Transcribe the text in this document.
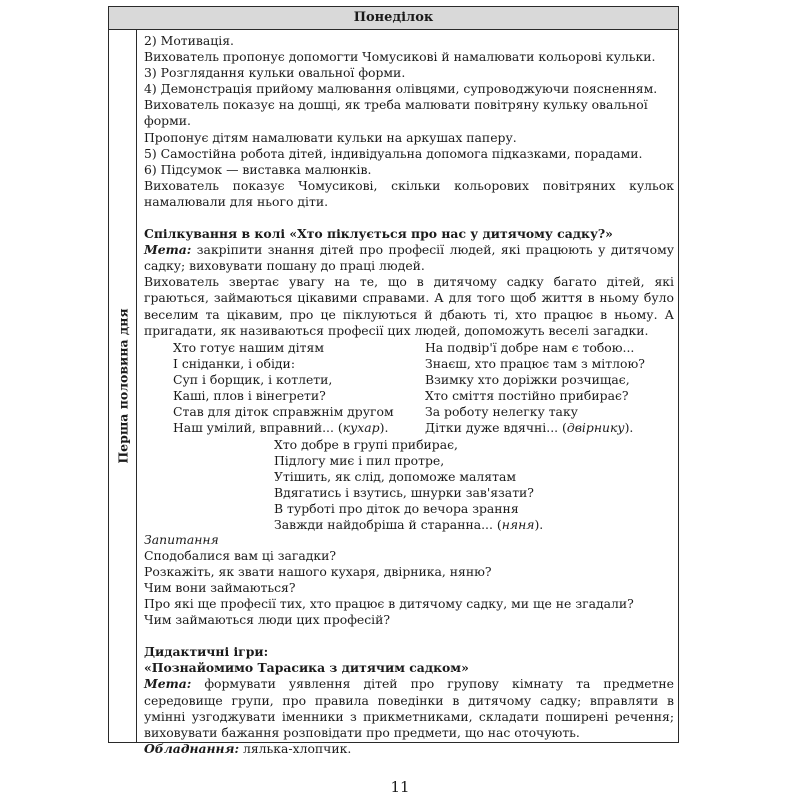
Понеділок
Перша половина дня

2) Мотивація.

Вихователь пропонує допомогти Чомусикові й намалювати кольорові кульки.

3) Розглядання кульки овальної форми.

4) Демонстрація прийому малювання олівцями, супроводжуючи поясненням.

Вихователь показує на дошці, як треба малювати повітряну кульку овальної форми.

Пропонує дітям намалювати кульки на аркушах паперу.

5) Самостійна робота дітей, індивідуальна допомога підказками, порадами.

6) Підсумок — виставка малюнків.

Вихователь показує Чомусикові, скільки кольорових повітряних кульок намалювали для нього діти.

Спілкування в колі «Хто піклується про нас у дитячому садку?»

Мета: закріпити знання дітей про професії людей, які працюють у дитячому садку; виховувати пошану до праці людей.

Вихователь звертає увагу на те, що в дитячому садку багато дітей, які граються, займаються цікавими справами. А для того щоб життя в ньому було веселим та цікавим, про це піклуються й дбають ті, хто працює в ньому. А пригадати, як називаються професії цих людей, допоможуть веселі загадки.

Хто готує нашим дітям

І сніданки, і обіди:

Суп і борщик, і котлети,

Каші, плов і вінегрети?

Став для діток справжнім другом

Наш умілий, вправний... (кухар).

На подвір'ї добре нам є тобою...

Знаєш, хто працює там з мітлою?

Взимку хто доріжки розчищає,

Хто сміття постійно прибирає?

За роботу нелегку таку

Дітки дуже вдячні... (двірнику).

Хто добре в групі прибирає,

Підлогу миє і пил протре,

Утішить, як слід, допоможе малятам

Вдягатись і взутись, шнурки зав'язати?

В турботі про діток до вечора зрання

Завжди найдобріша й старанна... (няня).

Запитання

Сподобалися вам ці загадки?

Розкажіть, як звати нашого кухаря, двірника, няню?

Чим вони займаються?

Про які ще професії тих, хто працює в дитячому садку, ми ще не згадали?

Чим займаються люди цих професій?

Дидактичні ігри:

«Познайомимо Тарасика з дитячим садком»

Мета: формувати уявлення дітей про групову кімнату та предметне середовище групи, про правила поведінки в дитячому садку; вправляти в умінні узгоджувати іменники з прикметниками, складати поширені речення; виховувати бажання розповідати про предмети, що нас оточують.

Обладнання: лялька-хлопчик.

11
